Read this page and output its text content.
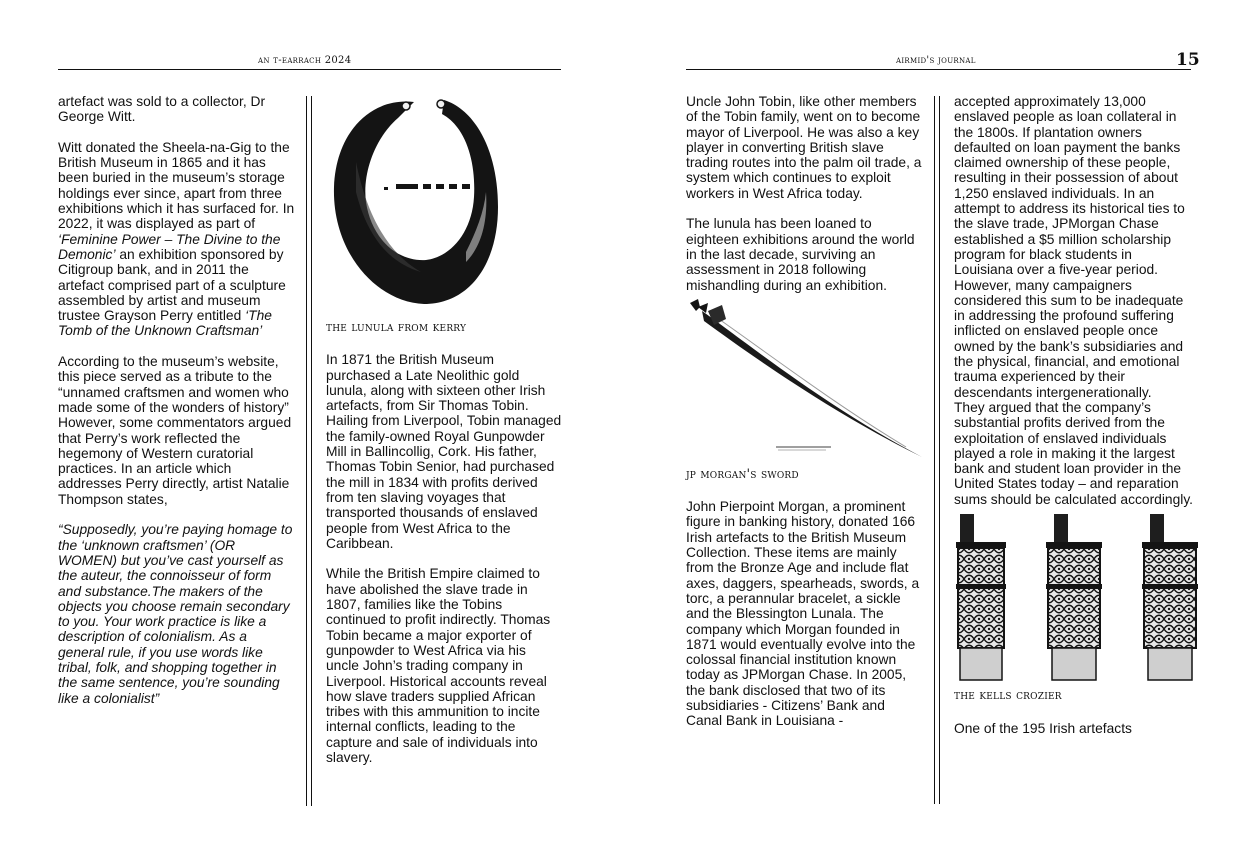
an t-earrach 2024

artefact was sold to a collector, Dr George Witt.

Witt donated the Sheela-na-Gig to the British Museum in 1865 and it has been buried in the museum’s storage holdings ever since, apart from three exhibitions which it has surfaced for. In 2022, it was displayed as part of ‘Feminine Power – The Divine to the Demonic’ an exhibition sponsored by Citigroup bank, and in 2011 the artefact comprised part of a sculpture assembled by artist and museum trustee Grayson Perry entitled ‘The Tomb of the Unknown Craftsman’

According to the museum’s website, this piece served as a tribute to the “unnamed craftsmen and women who made some of the wonders of history” However, some commentators argued that Perry’s work reflected the hegemony of Western curatorial practices. In an article which addresses Perry directly, artist Natalie Thompson states,

“Supposedly, you’re paying homage to the ‘unknown craftsmen’ (OR WOMEN) but you’ve cast yourself as the auteur, the connoisseur of form and substance.The makers of the objects you choose remain secondary to you. Your work practice is like a description of colonialism. As a general rule, if you use words like tribal, folk, and shopping together in the same sentence, you’re sounding like a colonialist”

the lunula from kerry

In 1871 the British Museum purchased a Late Neolithic gold lunula, along with sixteen other Irish artefacts, from Sir Thomas Tobin. Hailing from Liverpool, Tobin managed the family-owned Royal Gunpowder Mill in Ballincollig, Cork. His father, Thomas Tobin Senior, had purchased the mill in 1834 with profits derived from ten slaving voyages that transported thousands of enslaved people from West Africa to the Caribbean.

While the British Empire claimed to have abolished the slave trade in 1807, families like the Tobins continued to profit indirectly. Thomas Tobin became a major exporter of gunpowder to West Africa via his uncle John’s trading company in Liverpool. Historical accounts reveal how slave traders supplied African tribes with this ammunition to incite internal conflicts, leading to the capture and sale of individuals into slavery.

airmid's journal	15

Uncle John Tobin, like other members of the Tobin family, went on to become mayor of Liverpool. He was also a key player in converting British slave trading routes into the palm oil trade, a system which continues to exploit workers in West Africa today.

The lunula has been loaned to eighteen exhibitions around the world in the last decade, surviving an assessment in 2018 following mishandling during an exhibition.

jp morgan's sword

John Pierpoint Morgan, a prominent figure in banking history, donated 166 Irish artefacts to the British Museum Collection. These items are mainly from the Bronze Age and include flat axes, daggers, spearheads, swords, a torc, a perannular bracelet, a sickle and the Blessington Lunala. The company which Morgan founded in 1871 would eventually evolve into the colossal financial institution known today as JPMorgan Chase. In 2005, the bank disclosed that two of its subsidiaries - Citizens’ Bank and Canal Bank in Louisiana -

accepted approximately 13,000 enslaved people as loan collateral in the 1800s. If plantation owners defaulted on loan payment the banks claimed ownership of these people, resulting in their possession of about 1,250 enslaved individuals. In an attempt to address its historical ties to the slave trade, JPMorgan Chase established a $5 million scholarship program for black students in Louisiana over a five-year period. However, many campaigners considered this sum to be inadequate in addressing the profound suffering inflicted on enslaved people once owned by the bank’s subsidiaries and the physical, financial, and emotional trauma experienced by their descendants intergenerationally.

They argued that the company’s substantial profits derived from the exploitation of enslaved individuals played a role in making it the largest bank and student loan provider in the United States today – and reparation sums should be calculated accordingly.

the kells crozier

One of the 195 Irish artefacts
